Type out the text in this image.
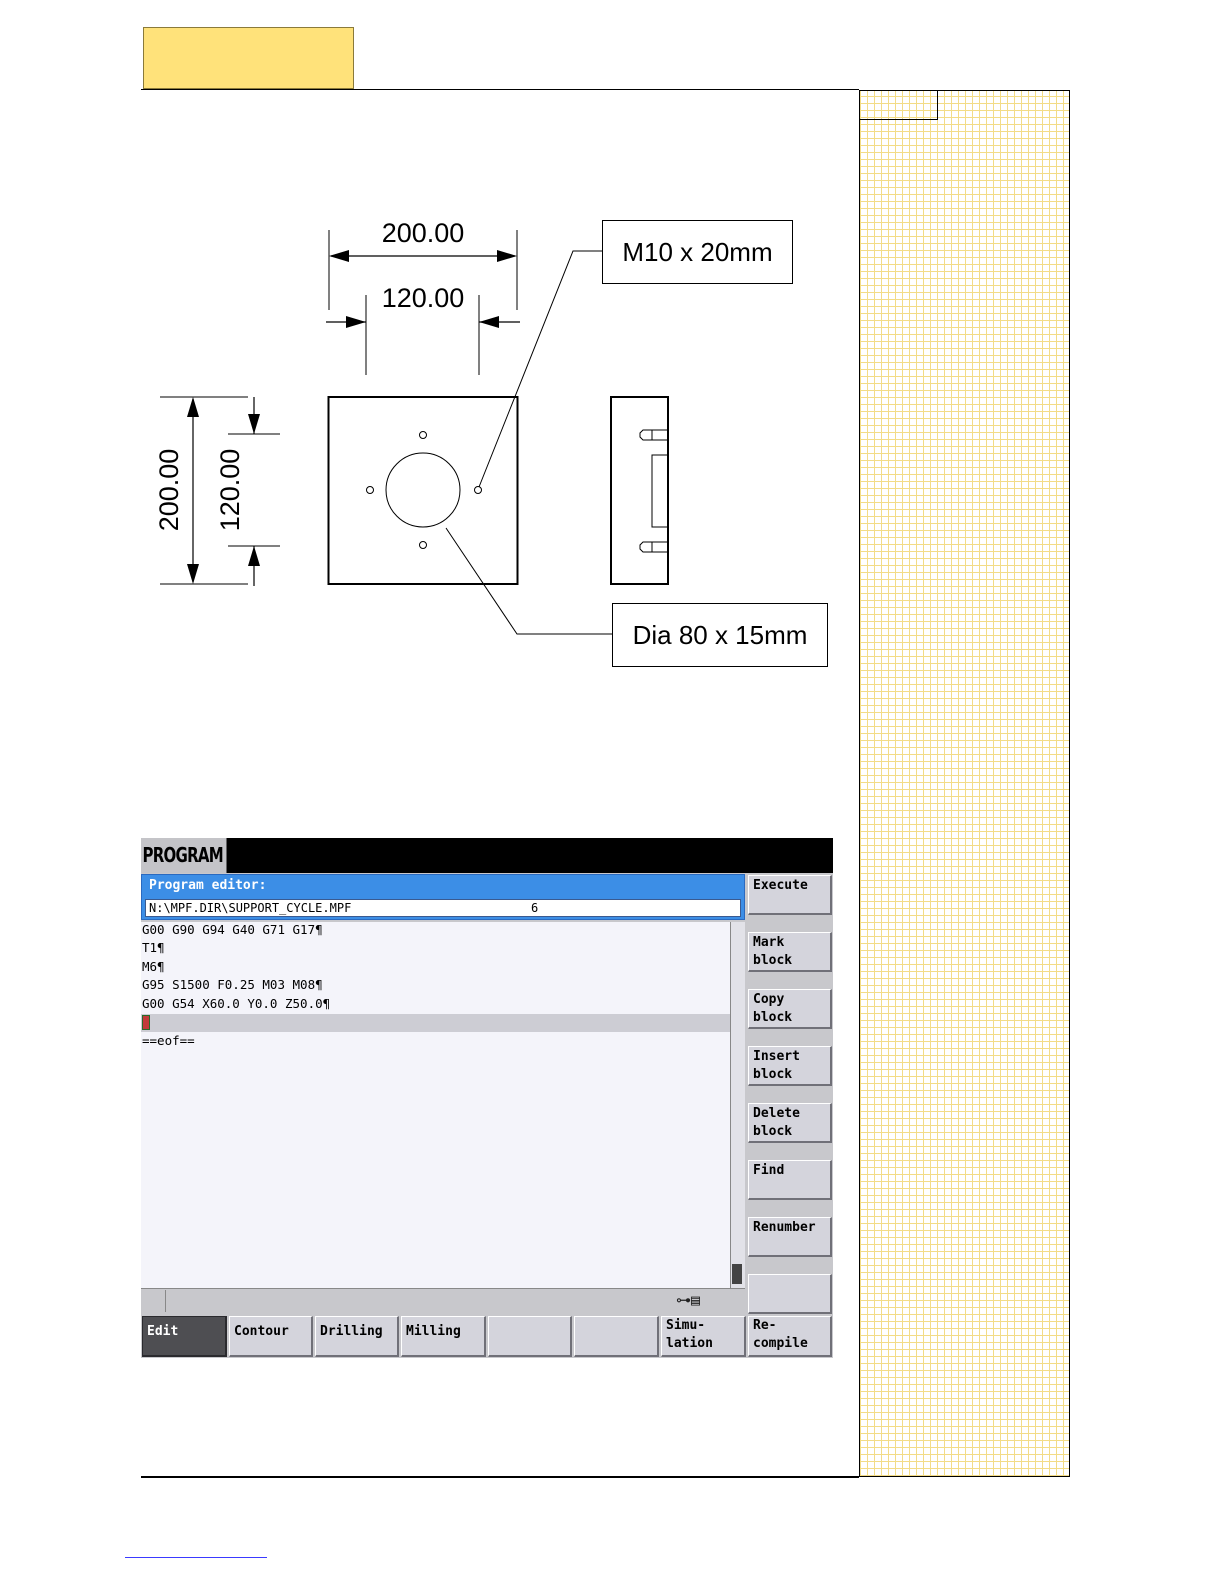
200.00
120.00
200.00 120.00
M10 x 20mm
Dia 80 x 15mm
PROGRAM
Program editor:
N:\MPF.DIR\SUPPORT_CYCLE.MPF	6
G00 G90 G94 G40 G71 G17¶
T1¶
M6¶
G95 S1500 F0.25 M03 M08¶
G00 G54 X60.0 Y0.0 Z50.0¶
==eof==
⊶▤
Execute
Mark
block
Copy
block
Insert
block
Delete
block
Find
Renumber
Edit	Contour	Drilling	Milling	Simu-
lation
Re-
compile
